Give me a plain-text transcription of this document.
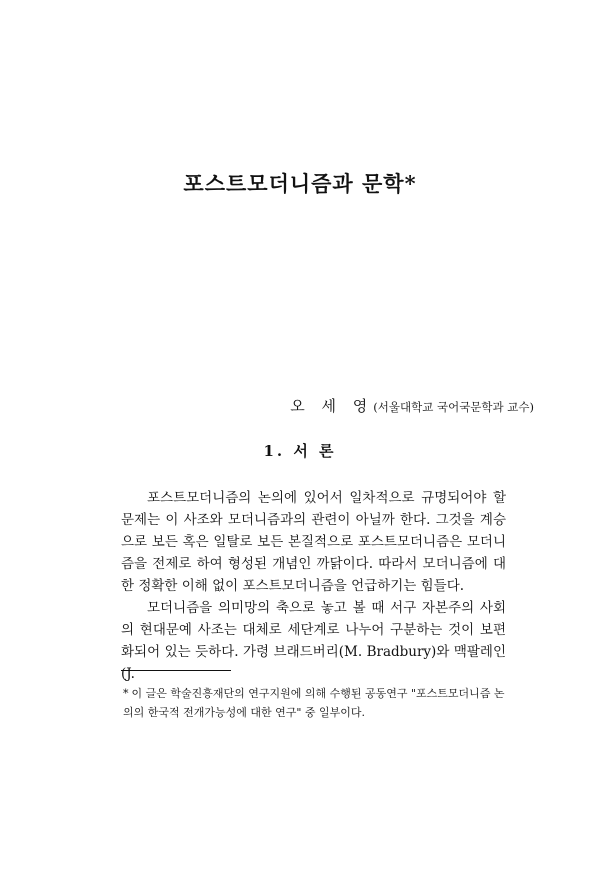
포스트모더니즘과 문학*
오 세 영(서울대학교 국어국문학과 교수)
1. 서 론

포스트모더니즘의 논의에 있어서 일차적으로 규명되어야 할 문제는 이 사조와 모더니즘과의 관련이 아닐까 한다. 그것을 계승으로 보든 혹은 일탈로 보든 본질적으로 포스트모더니즘은 모더니즘을 전제로 하여 형성된 개념인 까닭이다. 따라서 모더니즘에 대한 정확한 이해 없이 포스트모더니즘을 언급하기는 힘들다.

모더니즘을 의미망의 축으로 놓고 볼 때 서구 자본주의 사회의 현대문예 사조는 대체로 세단계로 나누어 구분하는 것이 보편화되어 있는 듯하다. 가령 브래드버리(M. Bradbury)와 맥팔레인(J.

* 이 글은 학술진흥재단의 연구지원에 의해 수행된 공동연구 "포스트모더니즘 논의의 한국적 전개가능성에 대한 연구" 중 일부이다.
